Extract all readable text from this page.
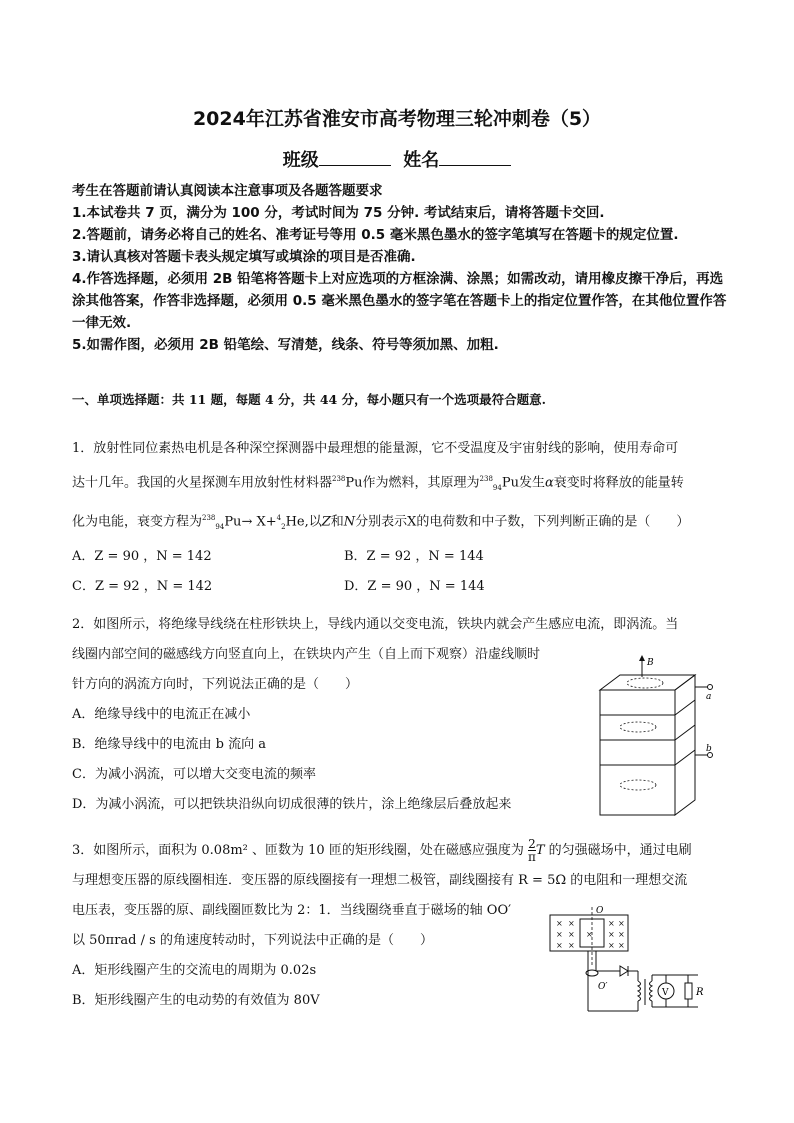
2024年江苏省淮安市高考物理三轮冲刺卷（5）
班级	姓名

考生在答题前请认真阅读本注意事项及各题答题要求

1.本试卷共 7 页，满分为 100 分，考试时间为 75 分钟. 考试结束后，请将答题卡交回.

2.答题前，请务必将自己的姓名、准考证号等用 0.5 毫米黑色墨水的签字笔填写在答题卡的规定位置.

3.请认真核对答题卡表头规定填写或填涂的项目是否准确.

4.作答选择题，必须用 2B 铅笔将答题卡上对应选项的方框涂满、涂黑；如需改动，请用橡皮擦干净后，再选涂其他答案，作答非选择题，必须用 0.5 毫米黑色墨水的签字笔在答题卡上的指定位置作答，在其他位置作答一律无效.

5.如需作图，必须用 2B 铅笔绘、写清楚，线条、符号等须加黑、加粗.

一、单项选择题：共 11 题，每题 4 分，共 44 分，每小题只有一个选项最符合题意.

1．放射性同位素热电机是各种深空探测器中最理想的能量源，它不受温度及宇宙射线的影响，使用寿命可

达十几年。我国的火星探测车用放射性材料器$^{238}$Pu作为燃料，其原理为$^{238}_{94}$Pu发生α衰变时将释放的能量转

化为电能，衰变方程为$^{238}_{94}$Pu→ X+$^4_2$He,以Z和N分别表示X的电荷数和中子数，下列判断正确的是（　　）

A．Z = 90 ，N = 142	B．Z = 92 ，N = 144

C．Z = 92 ，N = 142	D．Z = 90 ，N = 144

2．如图所示，将绝缘导线绕在柱形铁块上，导线内通以交变电流，铁块内就会产生感应电流，即涡流。当

线圈内部空间的磁感线方向竖直向上，在铁块内产生（自上而下观察）沿虚线顺时

针方向的涡流方向时，下列说法正确的是（　　）

A．绝缘导线中的电流正在减小

B．绝缘导线中的电流由 b 流向 a

C．为减小涡流，可以增大交变电流的频率

D．为减小涡流，可以把铁块沿纵向切成很薄的铁片，涂上绝缘层后叠放起来

B
a
b

3．如图所示，面积为 0.08m² 、匝数为 10 匝的矩形线圈，处在磁感应强度为 $\frac{2}{\pi}$ T 的匀强磁场中，通过电刷

与理想变压器的原线圈相连．变压器的原线圈接有一理想二极管，副线圈接有 R = 5Ω 的电阻和一理想交流

电压表，变压器的原、副线圈匝数比为 2：1．当线圈绕垂直于磁场的轴 OO′

以 50πrad / s 的角速度转动时，下列说法中正确的是（　　）

A．矩形线圈产生的交流电的周期为 0.02s

B．矩形线圈产生的电动势的有效值为 80V

O
O′
× ×	× ×
× × × × ×
× ×	× ×
V	R
